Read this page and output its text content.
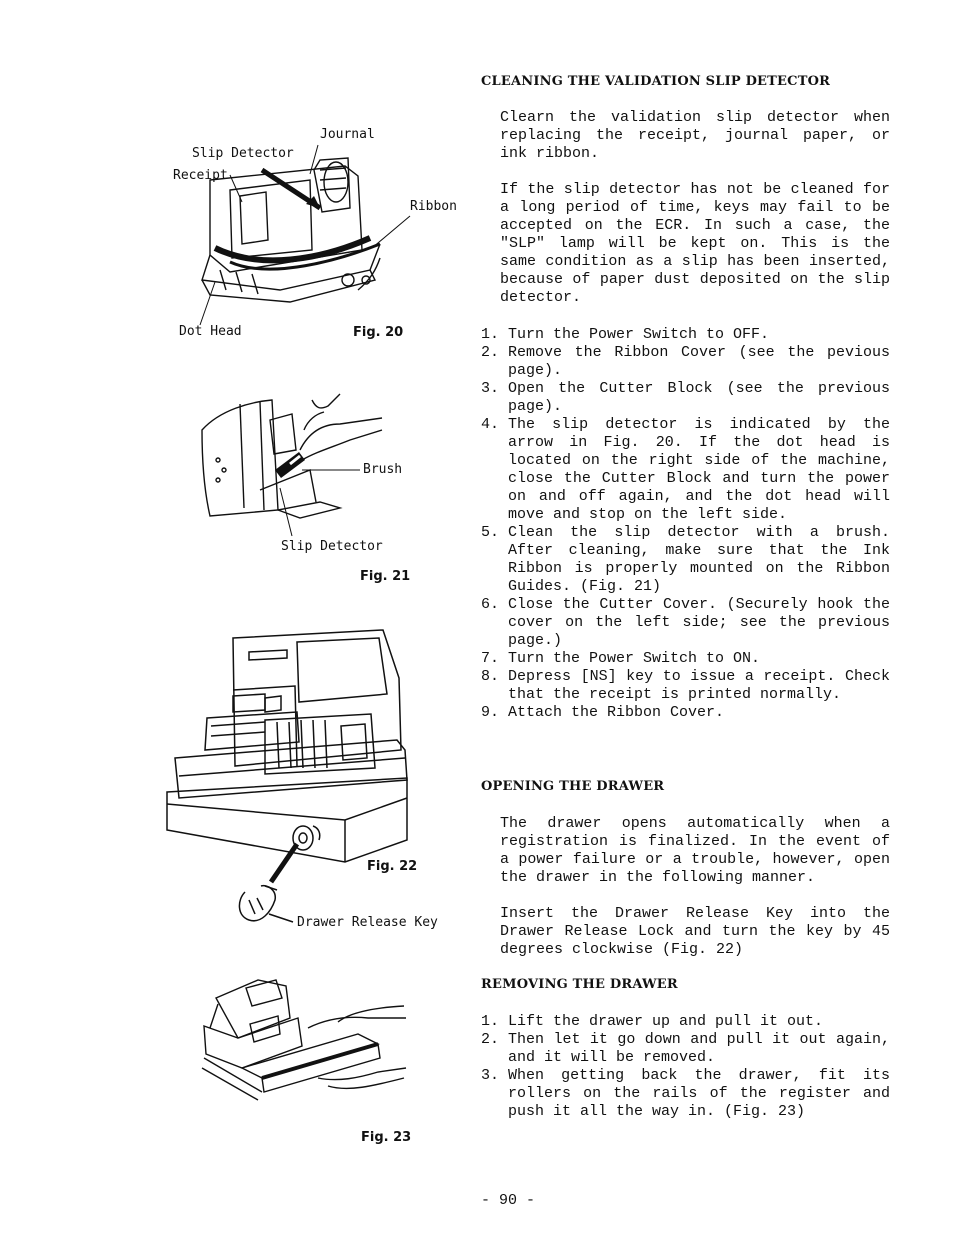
Journal
Slip Detector
Receipt
Ribbon
Dot Head	Fig. 20
Brush
Slip Detector
Fig. 21
Fig. 22
Drawer Release Key
Fig. 23
CLEANING THE VALIDATION SLIP DETECTOR

Clearn the validation slip detector when replacing the receipt, journal paper, or ink ribbon.

If the slip detector has not be cleaned for a long period of time, keys may fail to be accepted on the ECR. In such a case, the "SLP" lamp will be kept on. This is the same condition as a slip has been inserted, because of paper dust deposited on the slip detector.

1. Turn the Power Switch to OFF.
2. Remove the Ribbon Cover (see the pevious page).
3. Open the Cutter Block (see the previous page).
4. The slip detector is indicated by the arrow in Fig. 20. If the dot head is located on the right side of the machine, close the Cutter Block and turn the power on and off again, and the dot head will move and stop on the left side.
5. Clean the slip detector with a brush. After cleaning, make sure that the Ink Ribbon is properly mounted on the Ribbon Guides. (Fig. 21)
6. Close the Cutter Cover. (Securely hook the cover on the left side; see the previous page.)
7. Turn the Power Switch to ON.
8. Depress [NS] key to issue a receipt. Check that the receipt is printed normally.
9. Attach the Ribbon Cover.
OPENING THE DRAWER

The drawer opens automatically when a registration is finalized. In the event of a power failure or a trouble, however, open the drawer in the following manner.

Insert the Drawer Release Key into the Drawer Release Lock and turn the key by 45 degrees clockwise (Fig. 22)

REMOVING THE DRAWER
1. Lift the drawer up and pull it out.
2. Then let it go down and pull it out again, and it will be removed.
3. When getting back the drawer, fit its rollers on the rails of the register and push it all the way in. (Fig. 23)
- 90 -
